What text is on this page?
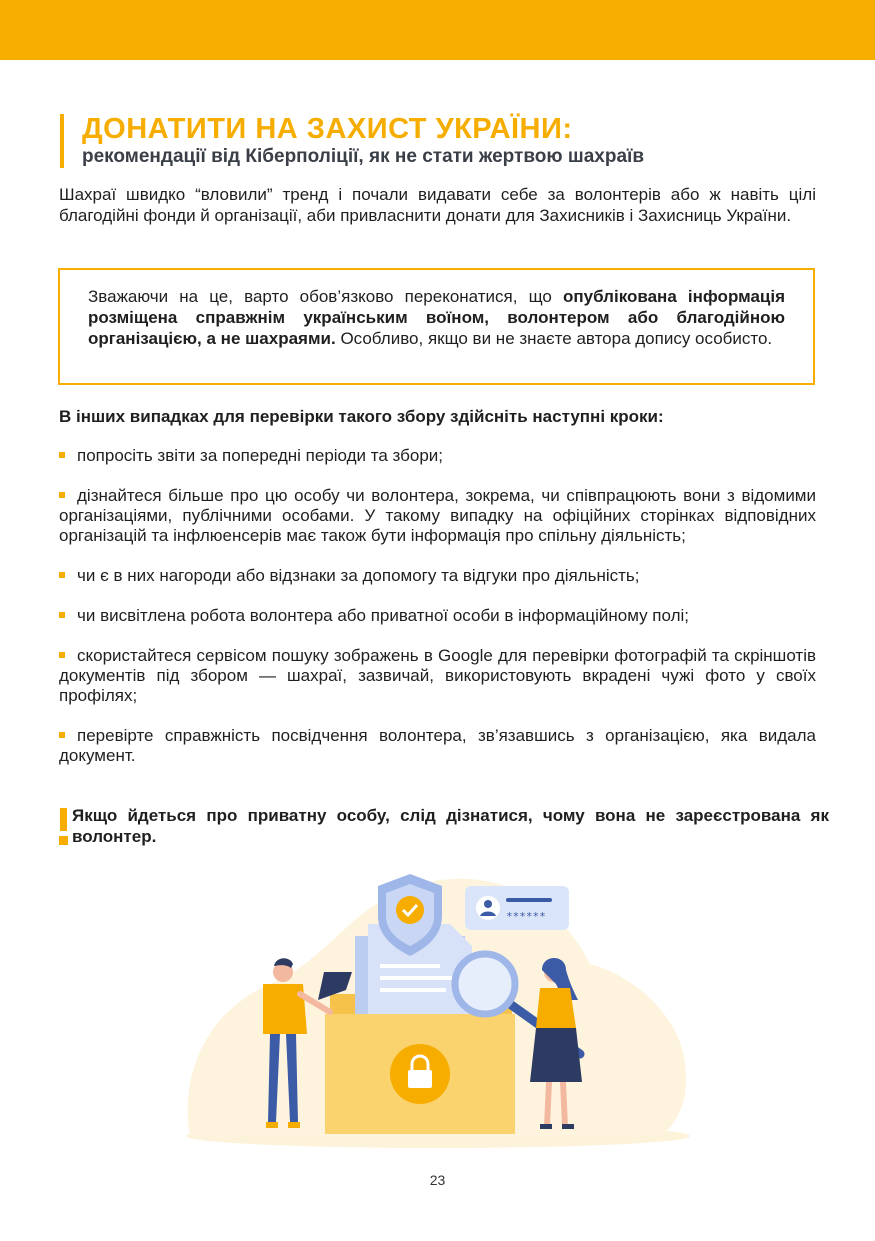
ДОНАТИТИ НА ЗАХИСТ УКРАЇНИ:
рекомендації від Кіберполіції, як не стати жертвою шахраїв

Шахраї швидко “вловили” тренд і почали видавати себе за волонтерів або ж навіть цілі благодійні фонди й організації, аби привласнити донати для Захисників і Захисниць України.

Зважаючи на це, варто обов’язково переконатися, що опублікована інформація розміщена справжнім українським воїном, волонтером або благодійною організацією, а не шахраями. Особливо, якщо ви не знаєте автора допису особисто.

В інших випадках для перевірки такого збору здійсніть наступні кроки:

попросіть звіти за попередні періоди та збори;
дізнайтеся більше про цю особу чи волонтера, зокрема, чи співпрацюють вони з відомими організаціями, публічними особами. У такому випадку на офіційних сторінках відповідних організацій та інфлюенсерів має також бути інформація про спільну діяльність;
чи є в них нагороди або відзнаки за допомогу та відгуки про діяльність;
чи висвітлена робота волонтера або приватної особи в інформаційному полі;
скористайтеся сервісом пошуку зображень в Google для перевірки фотографій та скріншотів документів під збором — шахраї, зазвичай, використовують вкрадені чужі фото у своїх профілях;
перевірте справжність посвідчення волонтера, зв’язавшись з організацією, яка видала документ.
Якщо йдеться про приватну особу, слід дізнатися, чому вона не зареєстрована як волонтер.
******
23
